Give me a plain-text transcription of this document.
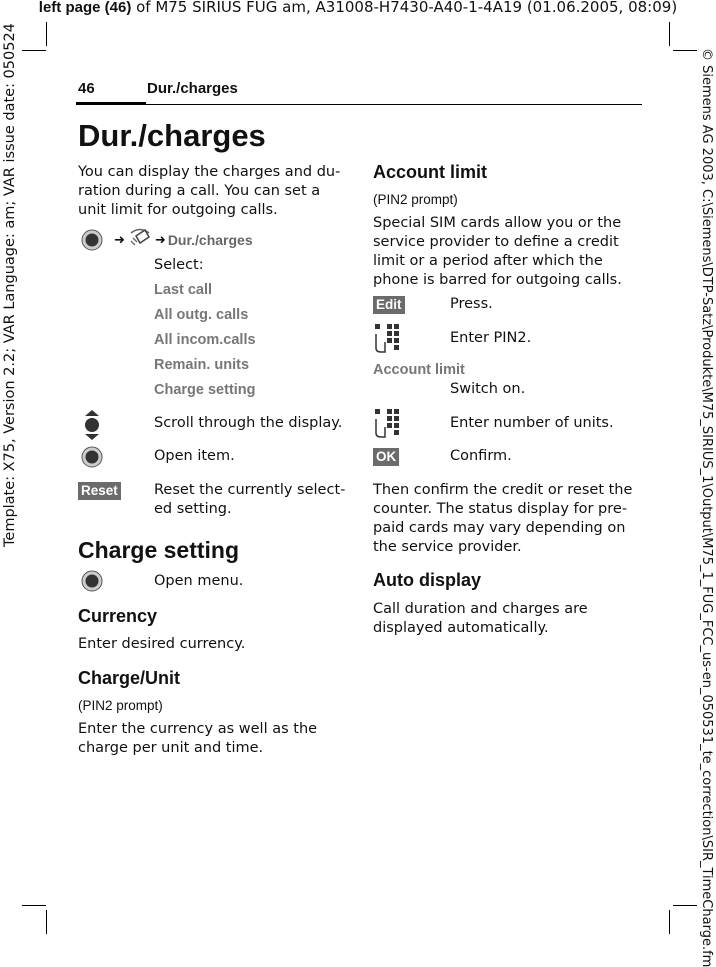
left page (46) of M75 SIRIUS FUG am, A31008-H7430-A40-1-4A19 (01.06.2005, 08:09)
Template: X75, Version 2.2; VAR Language: am; VAR issue date: 050524	© Siemens AG 2003, C:\Siemens\DTP-Satz\Produkte\M75_SIRIUS_1\Output\M75_1_FUG_FCC_us-en_050531_te_correction\SIR_TimeCharge.fm
46	Dur./charges
Dur./charges
You can display the charges and du-ration during a call. You can set a unit limit for outgoing calls.
➜ ➜ Dur./charges
Select:
Last call
All outg. calls
All incom.calls
Remain. units
Charge setting
Scroll through the display.
Open item.
Reset Reset the currently select-ed setting.
Charge setting
Open menu.
Currency
Enter desired currency.
Charge/Unit
(PIN2 prompt)
Enter the currency as well as the charge per unit and time.
Account limit
(PIN2 prompt)
Special SIM cards allow you or the service provider to define a credit limit or a period after which the phone is barred for outgoing calls.
Edit	Press.
Enter PIN2.
Account limit
Switch on.
Enter number of units.
OK	Confirm.
Then confirm the credit or reset the counter. The status display for pre-paid cards may vary depending on the service provider.
Auto display
Call duration and charges are displayed automatically.
